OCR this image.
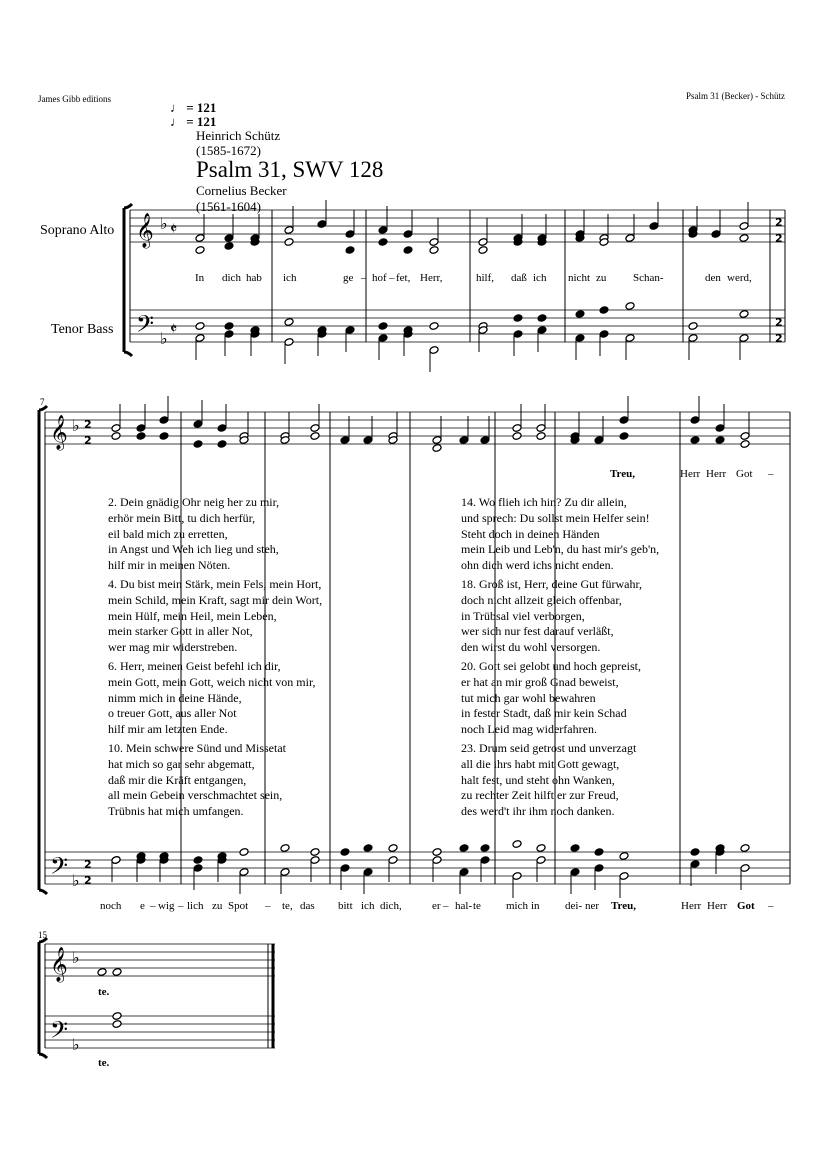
James Gibb editions	Psalm 31 (Becker) - Schütz
♩ = 121
♩ = 121
Heinrich Schütz
(1585-1672)
Psalm 31, SWV 128
Cornelius Becker
(1561-1604)
Soprano Alto
Tenor Bass
7
15
𝄞
𝄢
♭
♭
𝄵
𝄵
2
2
2
2
𝄞
𝄢
♭
♭
2
2
2
2
𝄞
𝄢
♭
♭
In dich hab ich	ge – hof – fet, Herr,	hilf, daß ich nicht zu Schan-	den werd,
Treu,	Herr Herr Got –
2. Dein gnädig Ohr neig her zu mir,
erhör mein Bitt, tu dich herfür,
eil bald mich zu erretten,
in Angst und Weh ich lieg und steh,
hilf mir in meinen Nöten.
4. Du bist mein Stärk, mein Fels, mein Hort,
mein Schild, mein Kraft, sagt mir dein Wort,
mein Hülf, mein Heil, mein Leben,
mein starker Gott in aller Not,
wer mag mir widerstreben.
6. Herr, meinen Geist befehl ich dir,
mein Gott, mein Gott, weich nicht von mir,
nimm mich in deine Hände,
o treuer Gott, aus aller Not
hilf mir am letzten Ende.
10. Mein schwere Sünd und Missetat
hat mich so gar sehr abgematt,
daß mir die Kräft entgangen,
all mein Gebein verschmachtet sein,
Trübnis hat mich umfangen.
14. Wo flieh ich hin? Zu dir allein,
und sprech: Du sollst mein Helfer sein!
Steht doch in deinen Händen
mein Leib und Leb'n, du hast mir's geb'n,
ohn dich werd ichs nicht enden.
18. Groß ist, Herr, deine Gut fürwahr,
doch nicht allzeit gleich offenbar,
in Trübsal viel verborgen,
wer sich nur fest darauf verläßt,
den wirst du wohl versorgen.
20. Gott sei gelobt und hoch gepreist,
er hat an mir groß Gnad beweist,
tut mich gar wohl bewahren
in fester Stadt, daß mir kein Schad
noch Leid mag widerfahren.
23. Drum seid getrost und unverzagt
all die ihrs habt mit Gott gewagt,
halt fest, und steht ohn Wanken,
zu rechter Zeit hilft er zur Freud,
des werd't ihr ihm noch danken.
noch e – wig – lich zu Spot – te, das bitt ich dich,	er – hal- te mich in dei- ner Treu,	Herr Herr Got –
te.
te.
